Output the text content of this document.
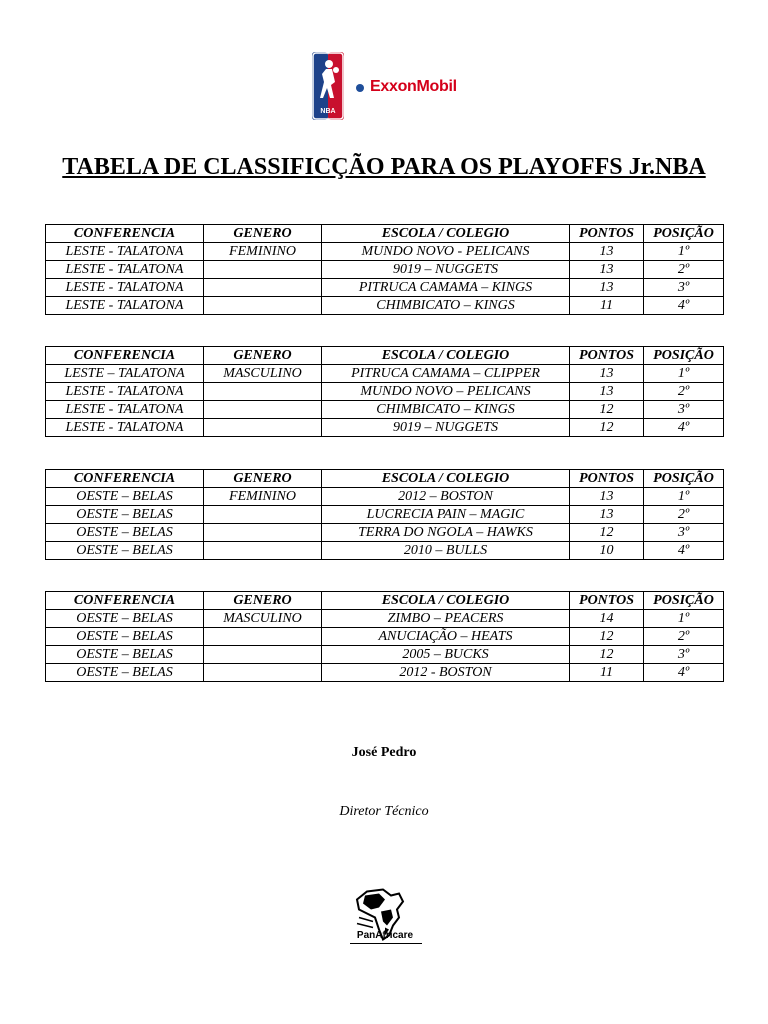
NBA
ExxonMobil
TABELA DE CLASSIFICÇÃO PARA OS PLAYOFFS Jr.NBA
CONFERENCIA	GENERO	ESCOLA / COLEGIO	PONTOS	POSIÇÃO
LESTE - TALATONA	FEMININO	MUNDO NOVO - PELICANS	13	1º
LESTE - TALATONA		9019 – NUGGETS	13	2º
LESTE - TALATONA		PITRUCA CAMAMA – KINGS	13	3º
LESTE - TALATONA		CHIMBICATO – KINGS	11	4º
CONFERENCIA	GENERO	ESCOLA / COLEGIO	PONTOS	POSIÇÃO
LESTE – TALATONA	MASCULINO	PITRUCA CAMAMA – CLIPPER	13	1º
LESTE - TALATONA		MUNDO NOVO – PELICANS	13	2º
LESTE - TALATONA		CHIMBICATO – KINGS	12	3º
LESTE - TALATONA		9019 – NUGGETS	12	4º
CONFERENCIA	GENERO	ESCOLA / COLEGIO	PONTOS	POSIÇÃO
OESTE – BELAS	FEMININO	2012 – BOSTON	13	1º
OESTE – BELAS		LUCRECIA PAIN – MAGIC	13	2º
OESTE – BELAS		TERRA DO NGOLA – HAWKS	12	3º
OESTE – BELAS		2010 – BULLS	10	4º
CONFERENCIA	GENERO	ESCOLA / COLEGIO	PONTOS	POSIÇÃO
OESTE – BELAS	MASCULINO	ZIMBO – PEACERS	14	1º
OESTE – BELAS		ANUCIAÇÃO – HEATS	12	2º
OESTE – BELAS		2005 – BUCKS	12	3º
OESTE – BELAS		2012 - BOSTON	11	4º
José Pedro
Diretor Técnico
PanAfricare
